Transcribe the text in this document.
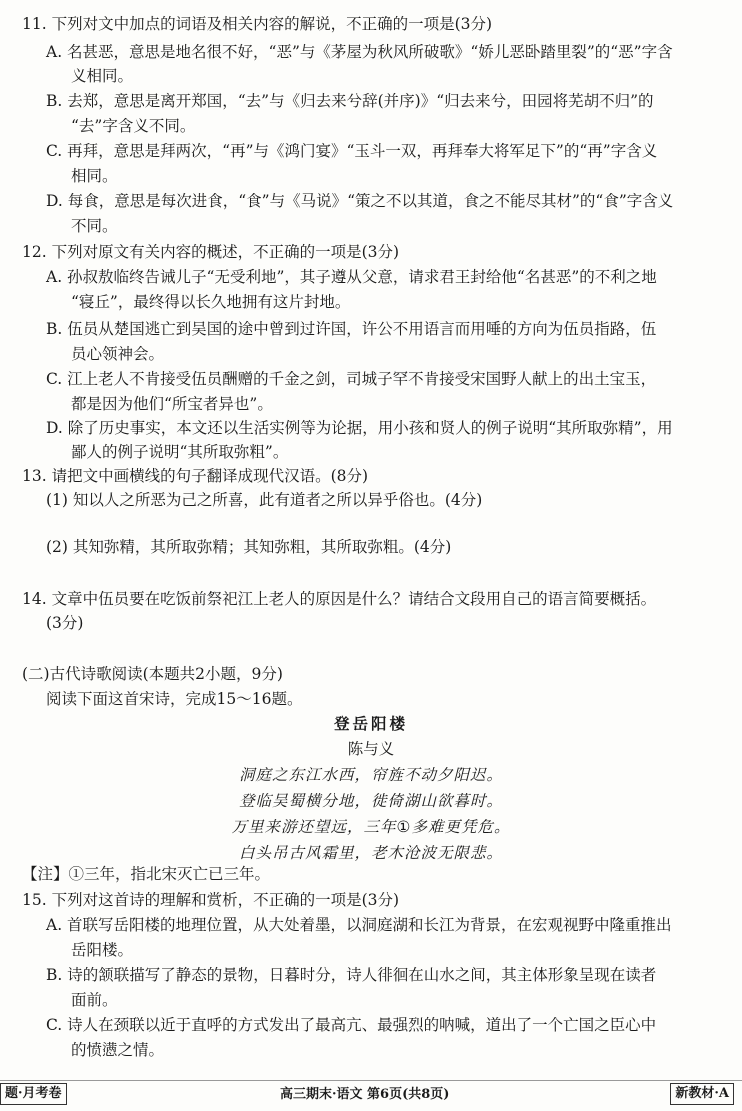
11. 下列对文中加点的词语及相关内容的解说，不正确的一项是(3分)
A. 名甚恶，意思是地名很不好，“恶”与《茅屋为秋风所破歌》“娇儿恶卧踏里裂”的“恶”字含
义相同。
B. 去郑，意思是离开郑国，“去”与《归去来兮辞(并序)》“归去来兮，田园将芜胡不归”的
“去”字含义不同。
C. 再拜，意思是拜两次，“再”与《鸿门宴》“玉斗一双，再拜奉大将军足下”的“再”字含义
相同。
D. 每食，意思是每次进食，“食”与《马说》“策之不以其道，食之不能尽其材”的“食”字含义
不同。
12. 下列对原文有关内容的概述，不正确的一项是(3分)
A. 孙叔敖临终告诫儿子“无受利地”，其子遵从父意，请求君王封给他“名甚恶”的不利之地
“寝丘”，最终得以长久地拥有这片封地。
B. 伍员从楚国逃亡到吴国的途中曾到过许国，许公不用语言而用唾的方向为伍员指路，伍
员心领神会。
C. 江上老人不肯接受伍员酬赠的千金之剑，司城子罕不肯接受宋国野人献上的出土宝玉，
都是因为他们“所宝者异也”。
D. 除了历史事实，本文还以生活实例等为论据，用小孩和贤人的例子说明“其所取弥精”，用
鄙人的例子说明“其所取弥粗”。
13. 请把文中画横线的句子翻译成现代汉语。(8分)
(1) 知以人之所恶为己之所喜，此有道者之所以异乎俗也。(4分)
(2) 其知弥精，其所取弥精；其知弥粗，其所取弥粗。(4分)
14. 文章中伍员要在吃饭前祭祀江上老人的原因是什么？请结合文段用自己的语言简要概括。
(3分)
(二)古代诗歌阅读(本题共2小题，9分)
阅读下面这首宋诗，完成15～16题。
登岳阳楼
陈与义
洞庭之东江水西，帘旌不动夕阳迟。
登临吴蜀横分地，徙倚湖山欲暮时。
万里来游还望远，三年①多难更凭危。
白头吊古风霜里，老木沧波无限悲。
【注】①三年，指北宋灭亡已三年。
15. 下列对这首诗的理解和赏析，不正确的一项是(3分)
A. 首联写岳阳楼的地理位置，从大处着墨，以洞庭湖和长江为背景，在宏观视野中隆重推出
岳阳楼。
B. 诗的颔联描写了静态的景物，日暮时分，诗人徘徊在山水之间，其主体形象呈现在读者
面前。
C. 诗人在颈联以近于直呼的方式发出了最高亢、最强烈的呐喊，道出了一个亡国之臣心中
的愤懑之情。
题·月考卷	高三期末·语文 第6页(共8页)	新教材·A
